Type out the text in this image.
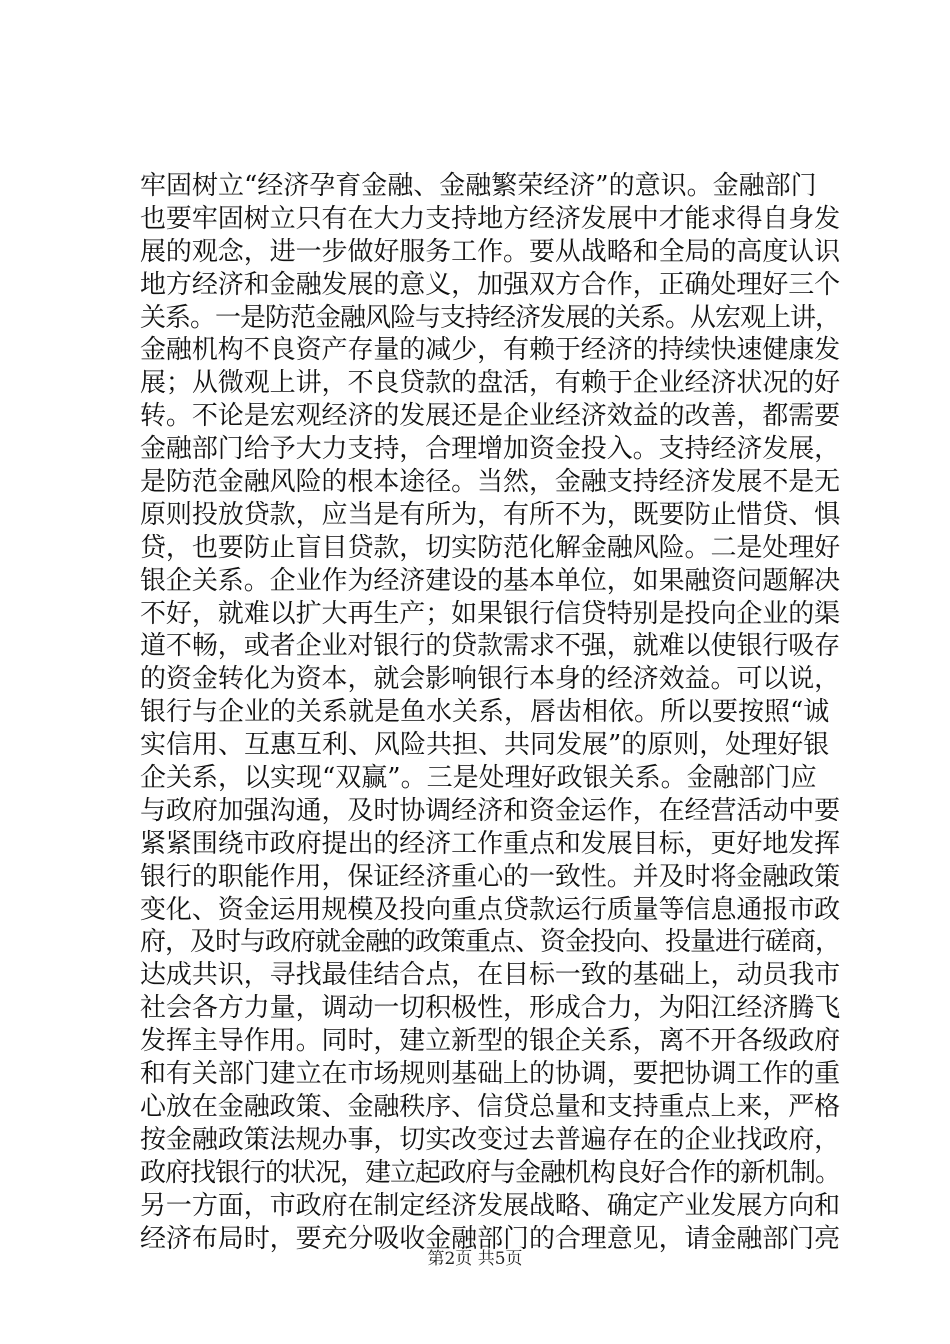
牢固树立“经济孕育金融、金融繁荣经济”的意识。金融部门
也要牢固树立只有在大力支持地方经济发展中才能求得自身发
展的观念，进一步做好服务工作。要从战略和全局的高度认识
地方经济和金融发展的意义，加强双方合作，正确处理好三个
关系。一是防范金融风险与支持经济发展的关系。从宏观上讲，
金融机构不良资产存量的减少，有赖于经济的持续快速健康发
展；从微观上讲，不良贷款的盘活，有赖于企业经济状况的好
转。不论是宏观经济的发展还是企业经济效益的改善，都需要
金融部门给予大力支持，合理增加资金投入。支持经济发展，
是防范金融风险的根本途径。当然，金融支持经济发展不是无
原则投放贷款，应当是有所为，有所不为，既要防止惜贷、惧
贷，也要防止盲目贷款，切实防范化解金融风险。二是处理好
银企关系。企业作为经济建设的基本单位，如果融资问题解决
不好，就难以扩大再生产；如果银行信贷特别是投向企业的渠
道不畅，或者企业对银行的贷款需求不强，就难以使银行吸存
的资金转化为资本，就会影响银行本身的经济效益。可以说，
银行与企业的关系就是鱼水关系，唇齿相依。所以要按照“诚
实信用、互惠互利、风险共担、共同发展”的原则，处理好银
企关系，以实现“双赢”。三是处理好政银关系。金融部门应
与政府加强沟通，及时协调经济和资金运作，在经营活动中要
紧紧围绕市政府提出的经济工作重点和发展目标，更好地发挥
银行的职能作用，保证经济重心的一致性。并及时将金融政策
变化、资金运用规模及投向重点贷款运行质量等信息通报市政
府，及时与政府就金融的政策重点、资金投向、投量进行磋商，
达成共识，寻找最佳结合点，在目标一致的基础上，动员我市
社会各方力量，调动一切积极性，形成合力，为阳江经济腾飞
发挥主导作用。同时，建立新型的银企关系，离不开各级政府
和有关部门建立在市场规则基础上的协调，要把协调工作的重
心放在金融政策、金融秩序、信贷总量和支持重点上来，严格
按金融政策法规办事，切实改变过去普遍存在的企业找政府，
政府找银行的状况，建立起政府与金融机构良好合作的新机制。
另一方面，市政府在制定经济发展战略、确定产业发展方向和
经济布局时，要充分吸收金融部门的合理意见，请金融部门亮
第2页 共5页
